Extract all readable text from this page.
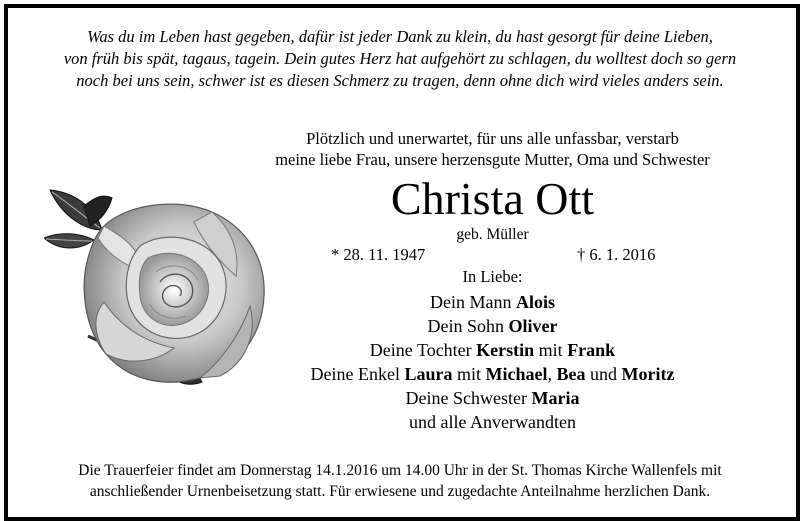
Was du im Leben hast gegeben, dafür ist jeder Dank zu klein, du hast gesorgt für deine Lieben,
von früh bis spät, tagaus, tagein. Dein gutes Herz hat aufgehört zu schlagen, du wolltest doch so gern
noch bei uns sein, schwer ist es diesen Schmerz zu tragen, denn ohne dich wird vieles anders sein.
Plötzlich und unerwartet, für uns alle unfassbar, verstarb
meine liebe Frau, unsere herzensgute Mutter, Oma und Schwester
Christa Ott
geb. Müller
* 28. 11. 1947	† 6. 1. 2016
In Liebe:
Dein Mann Alois
Dein Sohn Oliver
Deine Tochter Kerstin mit Frank
Deine Enkel Laura mit Michael, Bea und Moritz
Deine Schwester Maria
und alle Anverwandten
Die Trauerfeier findet am Donnerstag 14.1.2016 um 14.00 Uhr in der St. Thomas Kirche Wallenfels mit
anschließender Urnenbeisetzung statt. Für erwiesene und zugedachte Anteilnahme herzlichen Dank.
